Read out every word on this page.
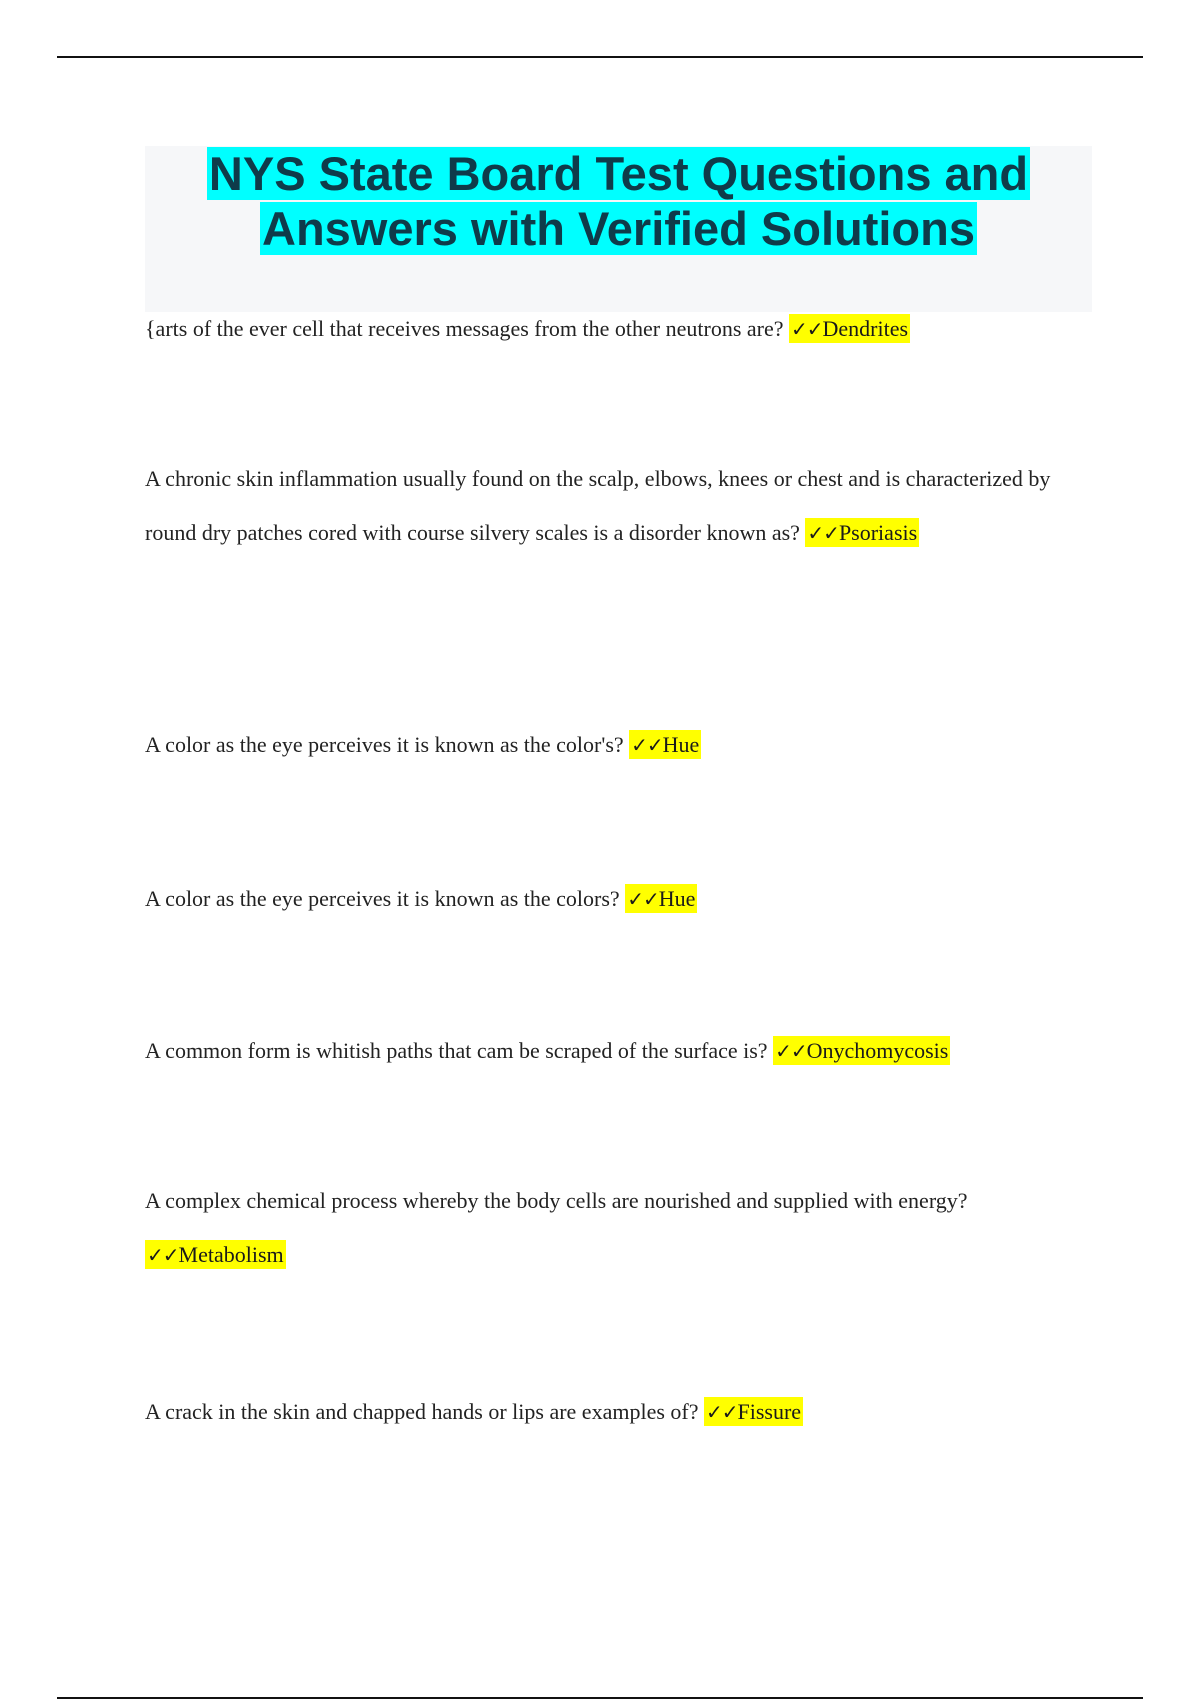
NYS State Board Test Questions and
Answers with Verified Solutions
{arts of the ever cell that receives messages from the other neutrons are? ✓✓Dendrites
A chronic skin inflammation usually found on the scalp, elbows, knees or chest and is characterized by round dry patches cored with course silvery scales is a disorder known as? ✓✓Psoriasis
A color as the eye perceives it is known as the color's? ✓✓Hue
A color as the eye perceives it is known as the colors? ✓✓Hue
A common form is whitish paths that cam be scraped of the surface is? ✓✓Onychomycosis
A complex chemical process whereby the body cells are nourished and supplied with energy? ✓✓Metabolism
A crack in the skin and chapped hands or lips are examples of? ✓✓Fissure
